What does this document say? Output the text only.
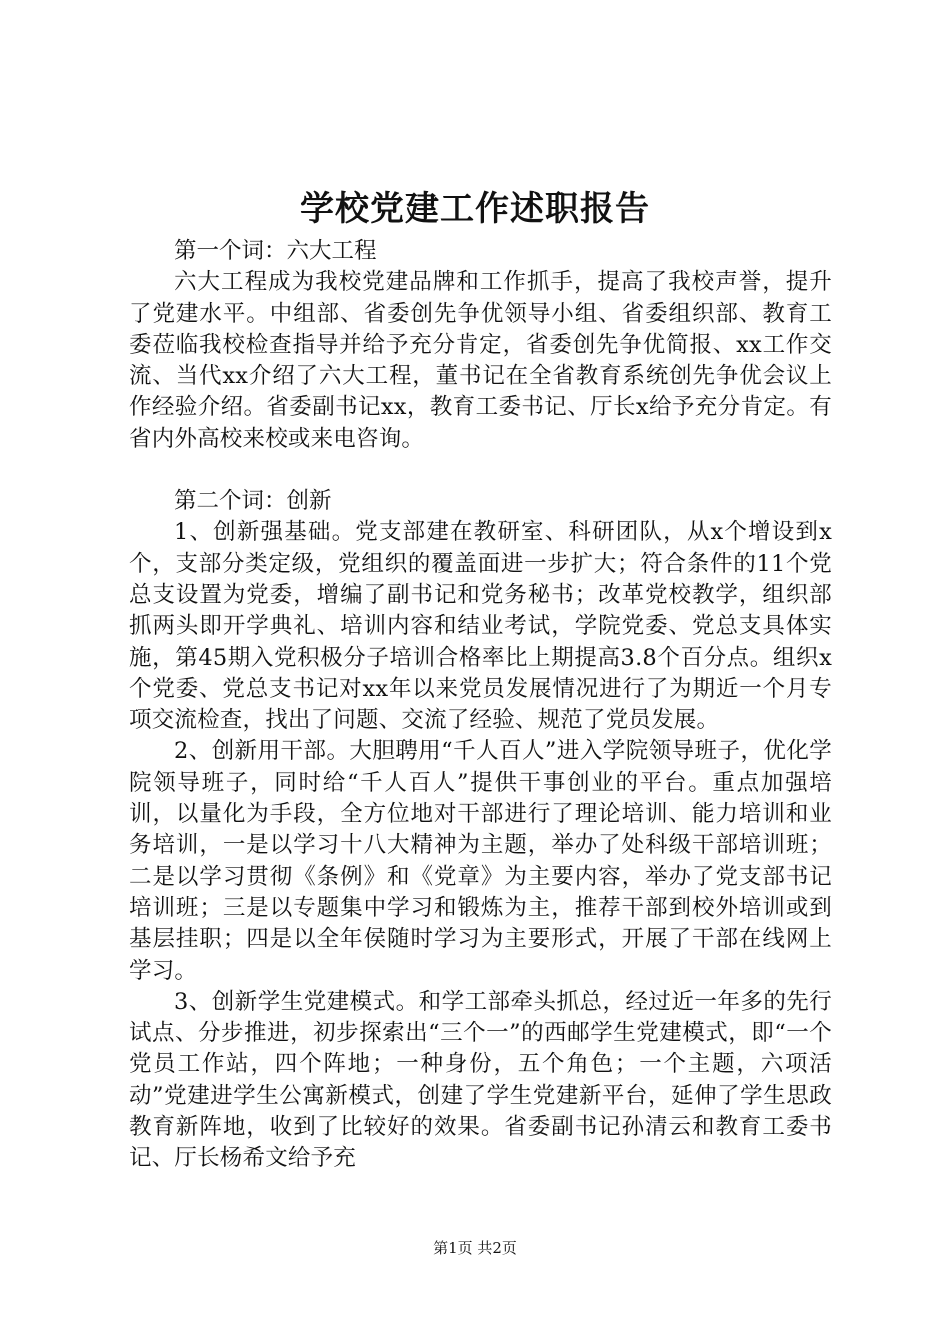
学校党建工作述职报告

第一个词：六大工程

六大工程成为我校党建品牌和工作抓手，提高了我校声誉，提升了党建水平。中组部、省委创先争优领导小组、省委组织部、教育工委莅临我校检查指导并给予充分肯定，省委创先争优简报、xx工作交流、当代xx介绍了六大工程，董书记在全省教育系统创先争优会议上作经验介绍。省委副书记xx，教育工委书记、厅长x给予充分肯定。有省内外高校来校或来电咨询。

第二个词：创新

1、创新强基础。党支部建在教研室、科研团队，从x个增设到x个，支部分类定级，党组织的覆盖面进一步扩大；符合条件的11个党总支设置为党委，增编了副书记和党务秘书；改革党校教学，组织部抓两头即开学典礼、培训内容和结业考试，学院党委、党总支具体实施，第45期入党积极分子培训合格率比上期提高3.8个百分点。组织x个党委、党总支书记对xx年以来党员发展情况进行了为期近一个月专项交流检查，找出了问题、交流了经验、规范了党员发展。

2、创新用干部。大胆聘用“千人百人”进入学院领导班子，优化学院领导班子，同时给“千人百人”提供干事创业的平台。重点加强培训，以量化为手段，全方位地对干部进行了理论培训、能力培训和业务培训，一是以学习十八大精神为主题，举办了处科级干部培训班；二是以学习贯彻《条例》和《党章》为主要内容，举办了党支部书记培训班；三是以专题集中学习和锻炼为主，推荐干部到校外培训或到基层挂职；四是以全年侯随时学习为主要形式，开展了干部在线网上学习。

3、创新学生党建模式。和学工部牵头抓总，经过近一年多的先行试点、分步推进，初步探索出“三个一”的西邮学生党建模式，即“一个党员工作站，四个阵地；一种身份，五个角色；一个主题，六项活动”党建进学生公寓新模式，创建了学生党建新平台，延伸了学生思政教育新阵地，收到了比较好的效果。省委副书记孙清云和教育工委书记、厅长杨希文给予充

第1页 共2页
